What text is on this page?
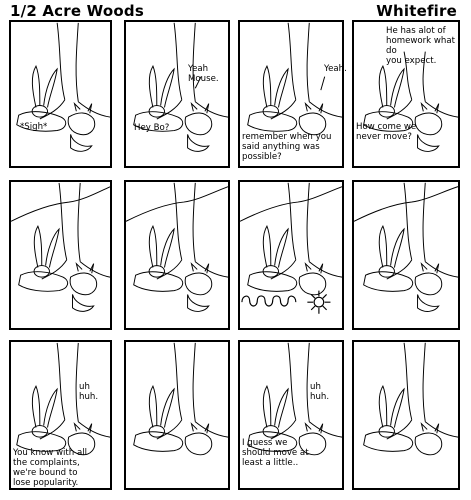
1/2 Acre Woods	Whitefire
*Sigh*
Yeah Mouse.
Hey Bo?
Yeah.
remember when you
said anything was
possible?
He has alot of
homework what do
you expect.
How come we
never move?
uh huh.
You know with all
the complaints,
we're bound to
lose popularity.
uh huh.
I guess we
should move at
least a little..
